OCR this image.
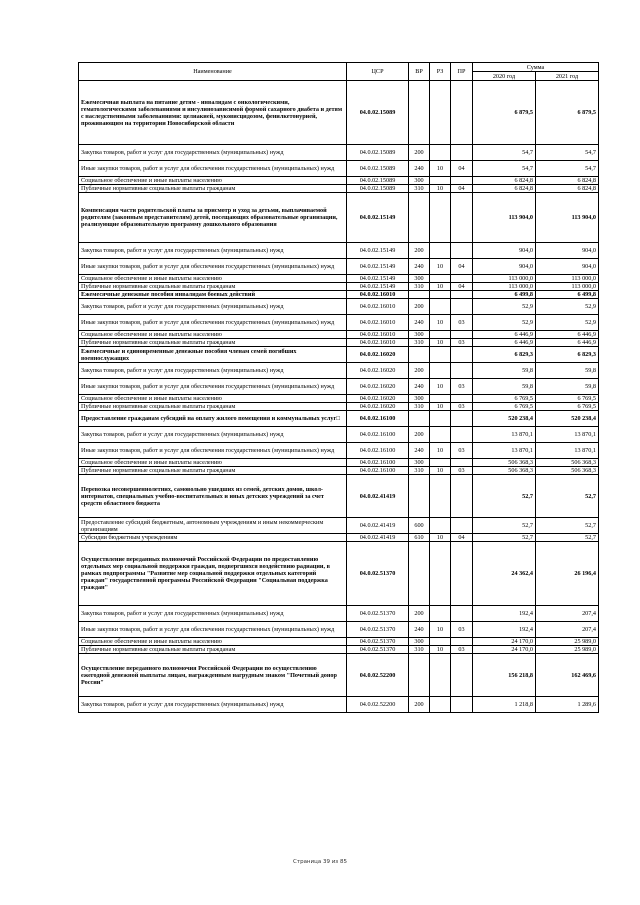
Наименование	ЦСР	ВР	РЗ	ПР	Сумма	
					2020 год	2021 год
Ежемесячная выплата на питание детям - инвалидам с онкологическими, гематологическими заболеваниями и инсулинозависимой формой сахарного диабета и детям с наследственными заболеваниями: целиакией, муковисцидозом, фенилкетонурией, проживающим на территории Новосибирской области	04.0.02.15089				6 879,5	6 879,5
Закупка товаров, работ и услуг для государственных (муниципальных) нужд	04.0.02.15089	200			54,7	54,7
Иные закупки товаров, работ и услуг для обеспечения государственных (муниципальных) нужд	04.0.02.15089	240	10	04	54,7	54,7
Социальное обеспечение и иные выплаты населению	04.0.02.15089	300			6 824,8	6 824,8
Публичные нормативные социальные выплаты гражданам	04.0.02.15089	310	10	04	6 824,8	6 824,8
Компенсация части родительской платы за присмотр и уход за детьми, выплачиваемой родителям (законным представителям) детей, посещающих образовательные организации, реализующие образовательную программу дошкольного образования	04.0.02.15149				113 904,0	113 904,0
Закупка товаров, работ и услуг для государственных (муниципальных) нужд	04.0.02.15149	200			904,0	904,0
Иные закупки товаров, работ и услуг для обеспечения государственных (муниципальных) нужд	04.0.02.15149	240	10	04	904,0	904,0
Социальное обеспечение и иные выплаты населению	04.0.02.15149	300			113 000,0	113 000,0
Публичные нормативные социальные выплаты гражданам	04.0.02.15149	310	10	04	113 000,0	113 000,0
Ежемесячные денежные пособия инвалидам боевых действий	04.0.02.16010				6 499,8	6 499,8
Закупка товаров, работ и услуг для государственных (муниципальных) нужд	04.0.02.16010	200			52,9	52,9
Иные закупки товаров, работ и услуг для обеспечения государственных (муниципальных) нужд	04.0.02.16010	240	10	03	52,9	52,9
Социальное обеспечение и иные выплаты населению	04.0.02.16010	300			6 446,9	6 446,9
Публичные нормативные социальные выплаты гражданам	04.0.02.16010	310	10	03	6 446,9	6 446,9
Ежемесячные и единовременные денежные пособия членам семей погибших военнослужащих	04.0.02.16020				6 829,3	6 829,3
Закупка товаров, работ и услуг для государственных (муниципальных) нужд	04.0.02.16020	200			59,8	59,8
Иные закупки товаров, работ и услуг для обеспечения государственных (муниципальных) нужд	04.0.02.16020	240	10	03	59,8	59,8
Социальное обеспечение и иные выплаты населению	04.0.02.16020	300			6 769,5	6 769,5
Публичные нормативные социальные выплаты гражданам	04.0.02.16020	310	10	03	6 769,5	6 769,5
Предоставление гражданам субсидий на оплату жилого помещения и коммунальных услуг□	04.0.02.16100				520 238,4	520 238,4
Закупка товаров, работ и услуг для государственных (муниципальных) нужд	04.0.02.16100	200			13 870,1	13 870,1
Иные закупки товаров, работ и услуг для обеспечения государственных (муниципальных) нужд	04.0.02.16100	240	10	03	13 870,1	13 870,1
Социальное обеспечение и иные выплаты населению	04.0.02.16100	300			506 368,3	506 368,3
Публичные нормативные социальные выплаты гражданам	04.0.02.16100	310	10	03	506 368,3	506 368,3
Перевозка несовершеннолетних, самовольно ушедших из семей, детских домов, школ-интернатов, специальных учебно-воспитательных и иных детских учреждений за счет средств областного бюджета	04.0.02.41419				52,7	52,7
Предоставление субсидий бюджетным, автономным учреждениям и иным некоммерческим организациям	04.0.02.41419	600			52,7	52,7
Субсидии бюджетным учреждениям	04.0.02.41419	610	10	04	52,7	52,7
Осуществление переданных полномочий Российской Федерации по предоставлению отдельных мер социальной поддержки граждан, подвергшихся воздействию радиации, в рамках подпрограммы "Развитие мер социальной поддержки отдельных категорий граждан" государственной программы Российской Федерации "Социальная поддержка граждан"	04.0.02.51370				24 362,4	26 196,4
Закупка товаров, работ и услуг для государственных (муниципальных) нужд	04.0.02.51370	200			192,4	207,4
Иные закупки товаров, работ и услуг для обеспечения государственных (муниципальных) нужд	04.0.02.51370	240	10	03	192,4	207,4
Социальное обеспечение и иные выплаты населению	04.0.02.51370	300			24 170,0	25 989,0
Публичные нормативные социальные выплаты гражданам	04.0.02.51370	310	10	03	24 170,0	25 989,0
Осуществление переданного полномочия Российской Федерации по осуществлению ежегодной денежной выплаты лицам, награжденным нагрудным знаком "Почетный донор России"	04.0.02.52200				156 218,8	162 469,6
Закупка товаров, работ и услуг для государственных (муниципальных) нужд	04.0.02.52200	200			1 218,8	1 289,6
Страница 39 из 85
